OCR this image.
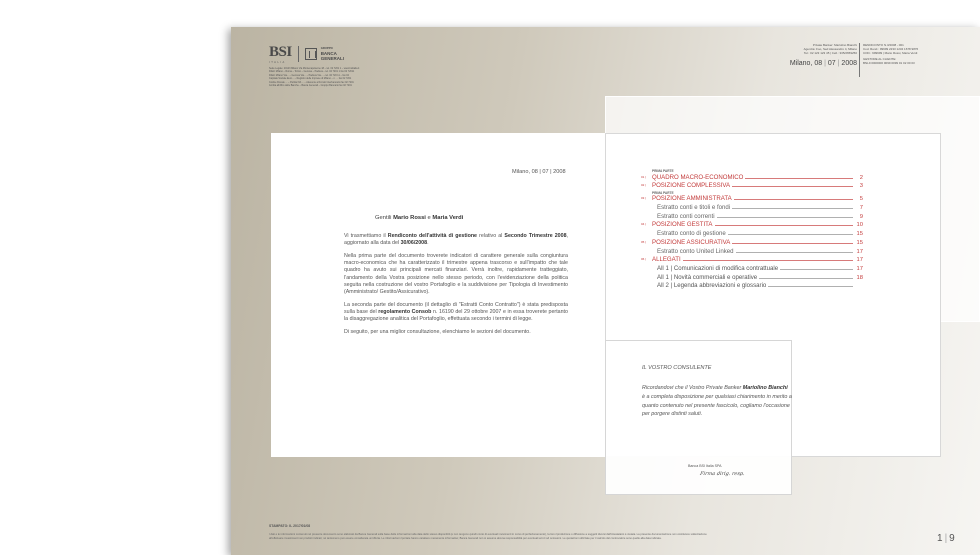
BSI
ITALIA
GRUPPO
BANCA
GENERALI
Sede Legale: 20123 Milano Via Montenapoleone 18 – tel. 02 7201 1 – www.bsiitalia.it
Filiali: Milano – Roma – Torino – Genova – Padova – tel. 02 7201 1 fax 02 72011
Filiali: Milano Via... – Genova Via... – Padova Via... – tel. 02 720 11 – fax 02
Capitale Sociale Euro... – Registro delle Imprese di Milano – n. ... fax 02 7201
Codice Fiscale ... – Partita IVA ... – Aderente al Fondo Interbancario fax 02 7201
Iscritta all'Albo delle Banche – Banca Generali – Gruppo Bancario fax 02 7201
Private Banker: Mariolino Bianchi
Agenzia: Foo, Sed Alessandro 4, Milano
Tel.: 02 123 123 45 | Cell.: 335/2659250
Milano, 08 | 07 | 2008
RENDICONTO N.3/2008 - 001
Cod. Rend.: 99999 2233 1234 1678 9876
COD.: 999999 | Mario Rossi, Maria Verdi
GESTORE AL CLIENTE:
BNL9 0000000 0099 0099 01 02 00 03
Milano, 08 | 07 | 2008
Gentili Mario Rossi e Maria Verdi

Vi trasmettiamo il Rendiconto dell'attività di gestione relativo al Secondo Trimestre 2008, aggiornato alla data del 30/06/2008.

Nella prima parte del documento troverete indicatori di carattere generale sulla congiuntura macro-economica che ha caratterizzato il trimestre appena trascorso e sull'impatto che tale quadro ha avuto sui principali mercati finanziari. Verrà inoltre, rapidamente tratteggiato, l'andamento della Vostra posizione nello stesso periodo, con l'evidenziazione della politica seguita nella costruzione del vostro Portafoglio e la suddivisione per Tipologia di Investimento (Amministrato/ Gestito/Assicurativo).

La seconda parte del documento (il dettaglio di "Estratti Conto Contratto") è stata predisposta sulla base del regolamento Consob n. 16190 del 29 ottobre 2007 e in essa troverete pertanto la disaggregazione analitica del Portafoglio, effettuata secondo i termini di legge.

Di seguito, per una miglior consultazione, elenchiamo le sezioni del documento.

PRIMA PARTE
01 | QUADRO MACRO-ECONOMICO	2
02 | POSIZIONE COMPLESSIVA	3
PRIMA PARTE
03 | POSIZIONE AMMINISTRATA	5
Estratto conti e titoli e fondi	7
Estratto conti correnti	9
04 | POSIZIONE GESTITA	10
Estratto conto di gestione	15
05 | POSIZIONE ASSICURATIVA	15
Estratto conto United Linked	17
06 | ALLEGATI	17
All 1 | Comunicazioni di modifica contrattuale	17
All 1 | Novità commerciali e operative	18
All 2 | Legenda abbreviazioni e glossario
IL VOSTRO CONSULENTE
Ricordandovi che il Vostro Private Banker Mariolino Bianchi è a completa disposizione per qualsiasi chiarimento in merito a quanto contenuto nel presente fascicolo, cogliamo l'occasione per porgere distinti saluti.
Banca BSI Italia SPA
Firma dirig. resp.
STAMPATO: IL 2017/01/08
I dati e le informazioni contenuti nel presente documento sono elaborati da Banca Generali sulla base delle informazioni alla data dello stesso disponibili (e non tengono quindi conto di eventuali movimenti in corso di perfezionamento), la loro riproduzione o diffusione a soggetti diversi dall'intestatario è vietata. La presente documentazione non costituisce sollecitazione
all'effettuare investimenti nei prodotti indicati; né tantomeno può essere considerata un'offerta. Le informazioni riportate hanno carattere meramente informativo; Banca Generali non si assume alcuna responsabilità per eventuali errori od omissioni. Le quotazioni utilizzate per il calcolo del controvalore sono quelle alla data indicata.	1 | 9
